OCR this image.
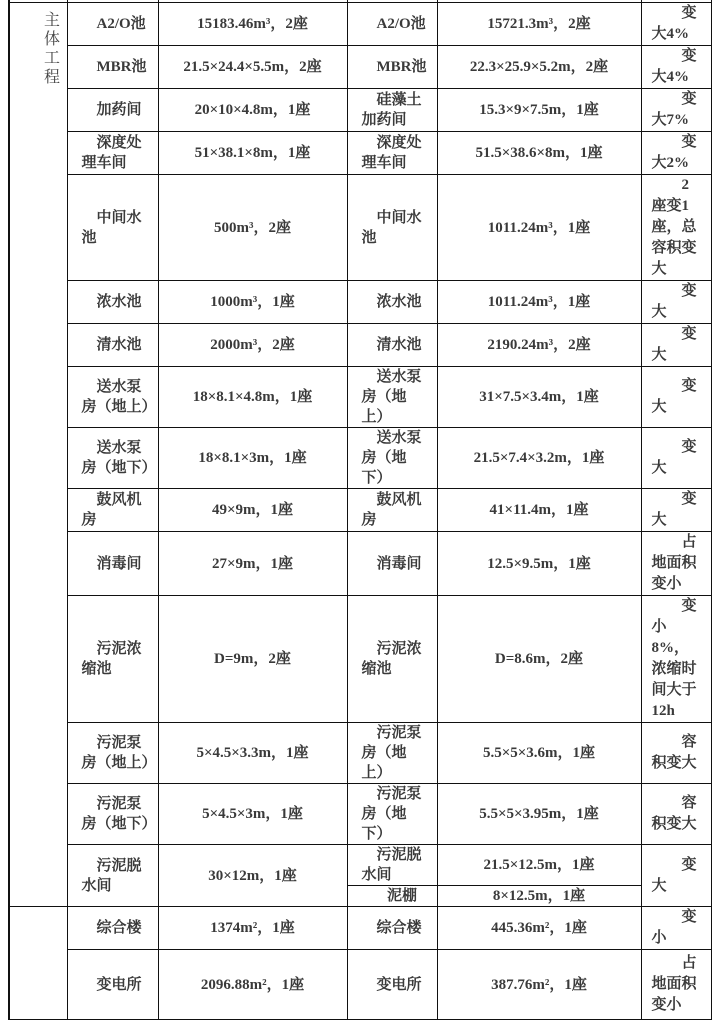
主体工程	A2/O池	15183.46m³，2座	A2/O池	15721.3m³，2座	变大4%
	MBR池	21.5×24.4×5.5m，2座	MBR池	22.3×25.9×5.2m，2座	变大4%
	加药间	20×10×4.8m，1座	硅藻土加药间	15.3×9×7.5m，1座	变大7%
	深度处理车间	51×38.1×8m，1座	深度处理车间	51.5×38.6×8m，1座	变大2%
	中间水池	500m³，2座	中间水池	1011.24m³，1座	2座变1座，总容积变大
	浓水池	1000m³，1座	浓水池	1011.24m³，1座	变大
	清水池	2000m³，2座	清水池	2190.24m³，2座	变大
	送水泵房（地上）	18×8.1×4.8m，1座	送水泵房（地上）	31×7.5×3.4m，1座	变大
	送水泵房（地下）	18×8.1×3m，1座	送水泵房（地下）	21.5×7.4×3.2m，1座	变大
	鼓风机房	49×9m，1座	鼓风机房	41×11.4m，1座	变大
	消毒间	27×9m，1座	消毒间	12.5×9.5m，1座	占地面积变小
	污泥浓缩池	D=9m，2座	污泥浓缩池	D=8.6m，2座	变小8%，浓缩时间大于12h
	污泥泵房（地上）	5×4.5×3.3m，1座	污泥泵房（地上）	5.5×5×3.6m，1座	容积变大
	污泥泵房（地下）	5×4.5×3m，1座	污泥泵房（地下）	5.5×5×3.95m，1座	容积变大
	污泥脱水间	30×12m，1座	污泥脱水间	21.5×12.5m，1座	变大
			泥棚	8×12.5m，1座	

	综合楼	1374m²，1座	综合楼	445.36m²，1座	变小
	变电所	2096.88m²，1座	变电所	387.76m²，1座	占地面积变小
